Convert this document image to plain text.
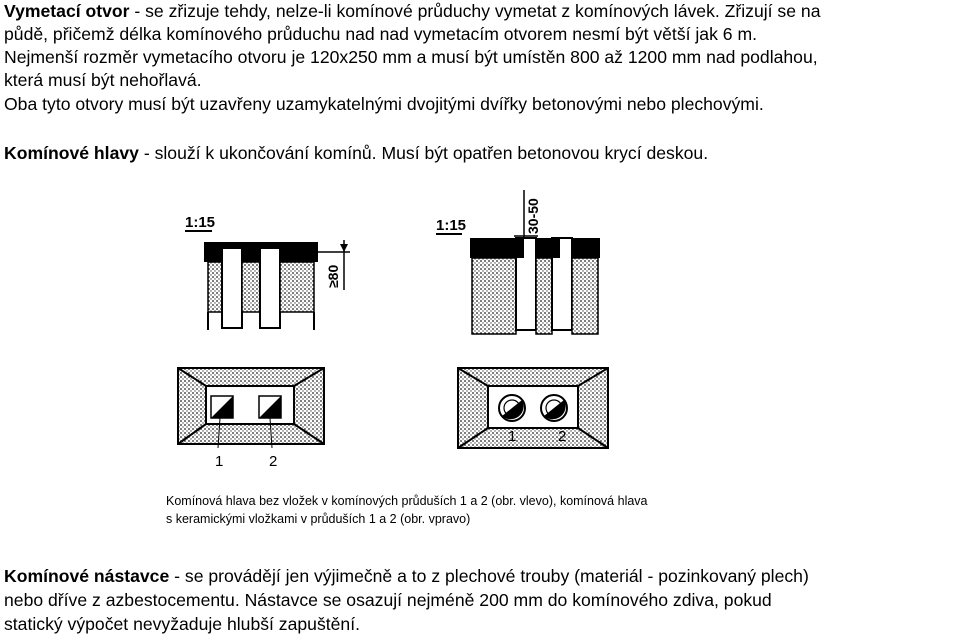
Vymetací otvor - se zřizuje tehdy, nelze-li komínové průduchy vymetat z komínových lávek. Zřizují se na

půdě, přičemž délka komínového průduchu nad nad vymetacím otvorem nesmí být větší jak 6 m.

Nejmenší rozměr vymetacího otvoru je 120x250 mm a musí být umístěn 800 až 1200 mm nad podlahou,

která musí být nehořlavá.

Oba tyto otvory musí být uzavřeny uzamykatelnými dvojitými dvířky betonovými nebo plechovými.

Komínové hlavy - slouží k ukončování komínů. Musí být opatřen betonovou krycí deskou.

1:15
≥80
1	2
1:15	30-50
1	2
Komínová hlava bez vložek v komínových průduších 1 a 2 (obr. vlevo), komínová hlava
s keramickými vložkami v průduších 1 a 2 (obr. vpravo)

Komínové nástavce - se provádějí jen výjimečně a to z plechové trouby (materiál - pozinkovaný plech)

nebo dříve z azbestocementu. Nástavce se osazují nejméně 200 mm do komínového zdiva, pokud

statický výpočet nevyžaduje hlubší zapuštění.
